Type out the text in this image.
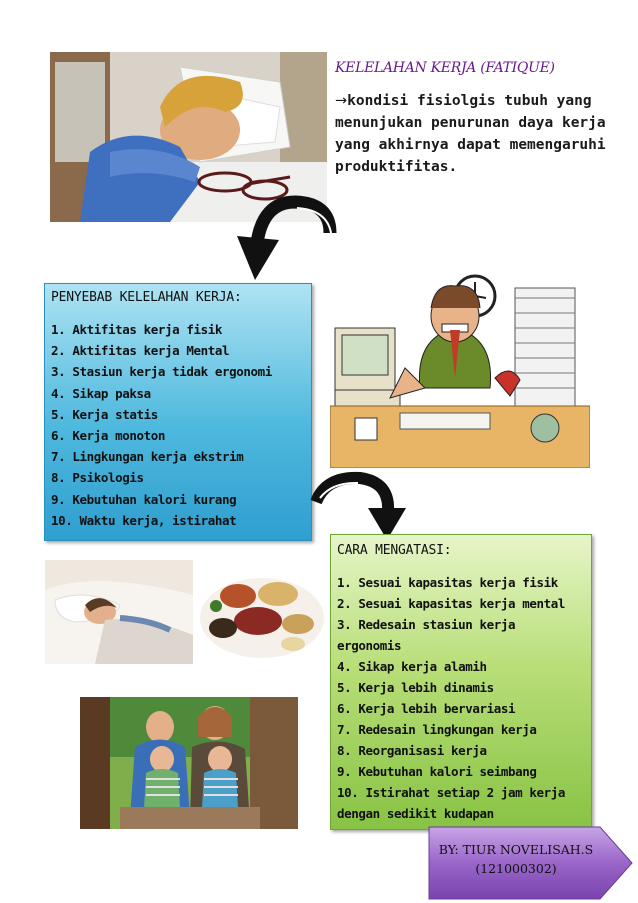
KELELAHAN KERJA (FATIQUE)

→kondisi fisiolgis tubuh yang menunjukan penurunan daya kerja yang akhirnya dapat memengaruhi produktifitas.

PENYEBAB KELELAHAN KERJA:
1. Aktifitas kerja fisik
2. Aktifitas kerja Mental
3. Stasiun kerja tidak ergonomi
4. Sikap paksa
5. Kerja statis
6. Kerja monoton
7. Lingkungan kerja ekstrim
8. Psikologis
9. Kebutuhan kalori kurang
10. Waktu kerja, istirahat
CARA MENGATASI:
1. Sesuai kapasitas kerja fisik
2. Sesuai kapasitas kerja mental
3. Redesain stasiun kerja ergonomis
4. Sikap kerja alamih
5. Kerja lebih dinamis
6. Kerja lebih bervariasi
7. Redesain lingkungan kerja
8. Reorganisasi kerja
9. Kebutuhan kalori seimbang
10. Istirahat setiap 2 jam kerja dengan sedikit kudapan
BY: TIUR NOVELISAH.S
(121000302)
